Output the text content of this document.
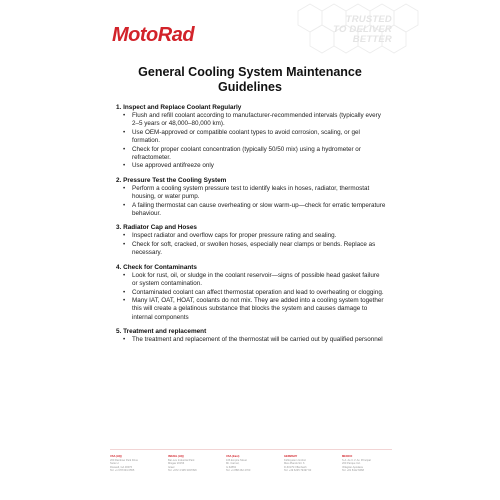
MotoRad
TRUSTED
TO DELIVER
BETTER
General Cooling System Maintenance
Guidelines
1. Inspect and Replace Coolant Regularly
• Flush and refill coolant according to manufacturer-recommended intervals (typically every 2–5 years or 48,000–80,000 km).
• Use OEM-approved or compatible coolant types to avoid corrosion, scaling, or gel formation.
• Check for proper coolant concentration (typically 50/50 mix) using a hydrometer or refractometer.
• Use approved antifreeze only
2. Pressure Test the Cooling System
• Perform a cooling system pressure test to identify leaks in hoses, radiator, thermostat housing, or water pump.
• A failing thermostat can cause overheating or slow warm-up—check for erratic temperature behaviour.
3. Radiator Cap and Hoses
• Inspect radiator and overflow caps for proper pressure rating and sealing.
• Check for soft, cracked, or swollen hoses, especially near clamps or bends. Replace as necessary.
4. Check for Contaminants
• Look for rust, oil, or sludge in the coolant reservoir—signs of possible head gasket failure or system contamination.
• Contaminated coolant can affect thermostat operation and lead to overheating or clogging.
• Many IAT, OAT, HOAT, coolants do not mix. They are added into a cooling system together this will create a gelatinous substance that blocks the system and causes damage to internal components
5. Treatment and replacement
• The treatment and replacement of the thermostat will be carried out by qualified personnel
USA (HQ)
200 Rainbow Park Drive
Suite H
Roswell, GA 30076
Tel: +1 678 691 0555
ISRAEL (HQ)
Bar-Lev Industrial Park
Misgav 20156
Israel
Tel: +972 4 995 3037/8/9
USA (East)
166 Empire Street
Mt. Carmel,
IL 62863
Tel: +1 888 262 4700
GERMANY
Kühlsystem GmbH
Max-Planck-Str. 6
D-63179 Offenbach
Tel: +49 6235 79497 60
MEXICO
S.A. de C.V. Av. Principal
200 Parque Ind.
Villagrán Apodaca
Tel: +81 8112 6668
